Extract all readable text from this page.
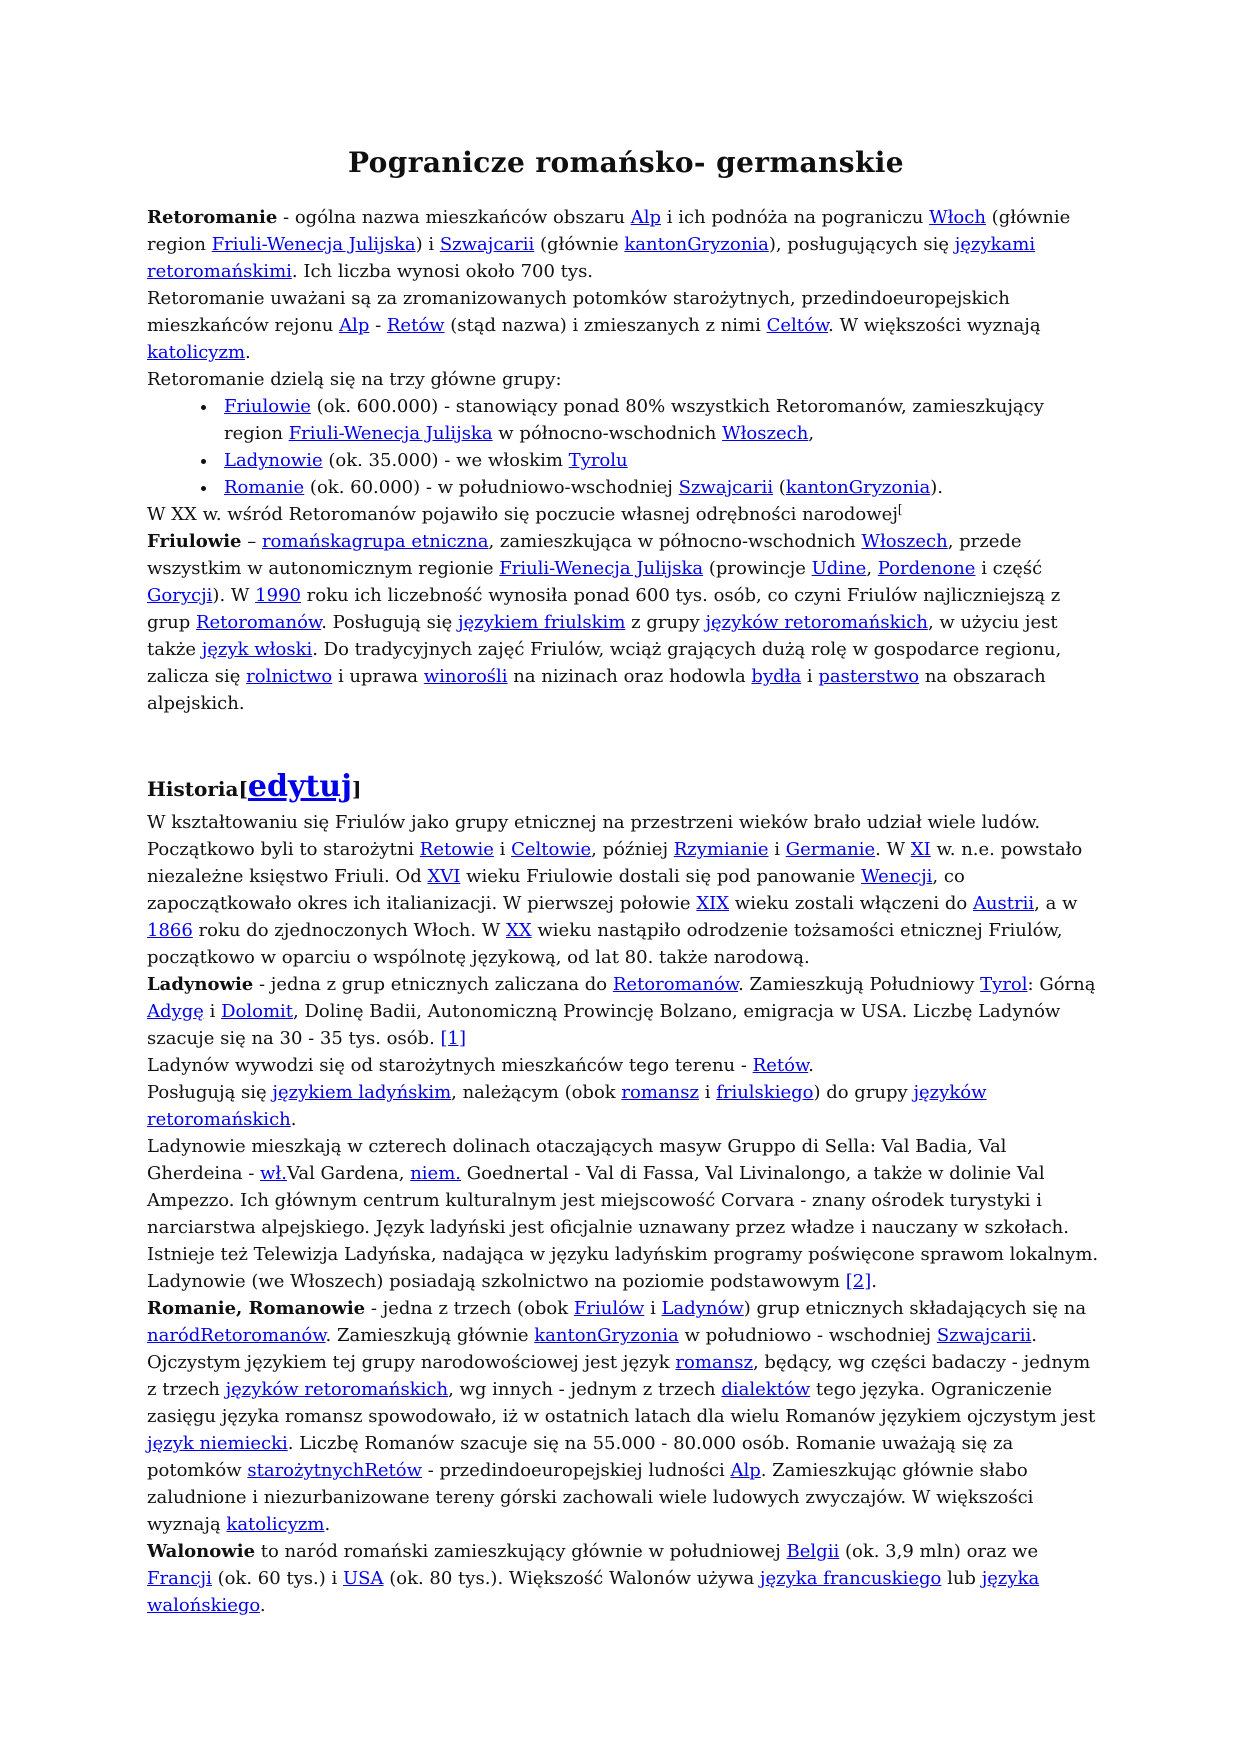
Pogranicze romańsko- germanskie

Retoromanie - ogólna nazwa mieszkańców obszaru Alp i ich podnóża na pograniczu Włoch (głównie region Friuli-Wenecja Julijska) i Szwajcarii (głównie kantonGryzonia), posługujących się językami retoromańskimi. Ich liczba wynosi około 700 tys.
Retoromanie uważani są za zromanizowanych potomków starożytnych, przedindoeuropejskich mieszkańców rejonu Alp - Retów (stąd nazwa) i zmieszanych z nimi Celtów. W większości wyznają katolicyzm.
Retoromanie dzielą się na trzy główne grupy:

• Friulowie (ok. 600.000) - stanowiący ponad 80% wszystkich Retoromanów, zamieszkujący region Friuli-Wenecja Julijska w północno-wschodnich Włoszech,
• Ladynowie (ok. 35.000) - we włoskim Tyrolu
• Romanie (ok. 60.000) - w południowo-wschodniej Szwajcarii (kantonGryzonia).

W XX w. wśród Retoromanów pojawiło się poczucie własnej odrębności narodowej[

Friulowie – romańskagrupa etniczna, zamieszkująca w północno-wschodnich Włoszech, przede wszystkim w autonomicznym regionie Friuli-Wenecja Julijska (prowincje Udine, Pordenone i część Gorycji). W 1990 roku ich liczebność wynosiła ponad 600 tys. osób, co czyni Friulów najliczniejszą z grup Retoromanów. Posługują się językiem friulskim z grupy języków retoromańskich, w użyciu jest także język włoski. Do tradycyjnych zajęć Friulów, wciąż grających dużą rolę w gospodarce regionu, zalicza się rolnictwo i uprawa winorośli na nizinach oraz hodowla bydła i pasterstwo na obszarach alpejskich.

Historia[edytuj]

W kształtowaniu się Friulów jako grupy etnicznej na przestrzeni wieków brało udział wiele ludów. Początkowo byli to starożytni Retowie i Celtowie, później Rzymianie i Germanie. W XI w. n.e. powstało niezależne księstwo Friuli. Od XVI wieku Friulowie dostali się pod panowanie Wenecji, co zapoczątkowało okres ich italianizacji. W pierwszej połowie XIX wieku zostali włączeni do Austrii, a w 1866 roku do zjednoczonych Włoch. W XX wieku nastąpiło odrodzenie tożsamości etnicznej Friulów, początkowo w oparciu o wspólnotę językową, od lat 80. także narodową.

Ladynowie - jedna z grup etnicznych zaliczana do Retoromanów. Zamieszkują Południowy Tyrol: Górną Adygę i Dolomit, Dolinę Badii, Autonomiczną Prowincję Bolzano, emigracja w USA. Liczbę Ladynów szacuje się na 30 - 35 tys. osób. [1]
Ladynów wywodzi się od starożytnych mieszkańców tego terenu - Retów.
Posługują się językiem ladyńskim, należącym (obok romansz i friulskiego) do grupy języków retoromańskich.
Ladynowie mieszkają w czterech dolinach otaczających masyw Gruppo di Sella: Val Badia, Val Gherdeina - wł.Val Gardena, niem. Goednertal - Val di Fassa, Val Livinalongo, a także w dolinie Val Ampezzo. Ich głównym centrum kulturalnym jest miejscowość Corvara - znany ośrodek turystyki i narciarstwa alpejskiego. Język ladyński jest oficjalnie uznawany przez władze i nauczany w szkołach. Istnieje też Telewizja Ladyńska, nadająca w języku ladyńskim programy poświęcone sprawom lokalnym.
Ladynowie (we Włoszech) posiadają szkolnictwo na poziomie podstawowym [2].

Romanie, Romanowie - jedna z trzech (obok Friulów i Ladynów) grup etnicznych składających się na naródRetoromanów. Zamieszkują głównie kantonGryzonia w południowo - wschodniej Szwajcarii. Ojczystym językiem tej grupy narodowościowej jest język romansz, będący, wg części badaczy - jednym z trzech języków retoromańskich, wg innych - jednym z trzech dialektów tego języka. Ograniczenie zasięgu języka romansz spowodowało, iż w ostatnich latach dla wielu Romanów językiem ojczystym jest język niemiecki. Liczbę Romanów szacuje się na 55.000 - 80.000 osób. Romanie uważają się za potomków starożytnychRetów - przedindoeuropejskiej ludności Alp. Zamieszkując głównie słabo zaludnione i niezurbanizowane tereny górski zachowali wiele ludowych zwyczajów. W większości wyznają katolicyzm.

Walonowie to naród romański zamieszkujący głównie w południowej Belgii (ok. 3,9 mln) oraz we Francji (ok. 60 tys.) i USA (ok. 80 tys.). Większość Walonów używa języka francuskiego lub języka walońskiego.
